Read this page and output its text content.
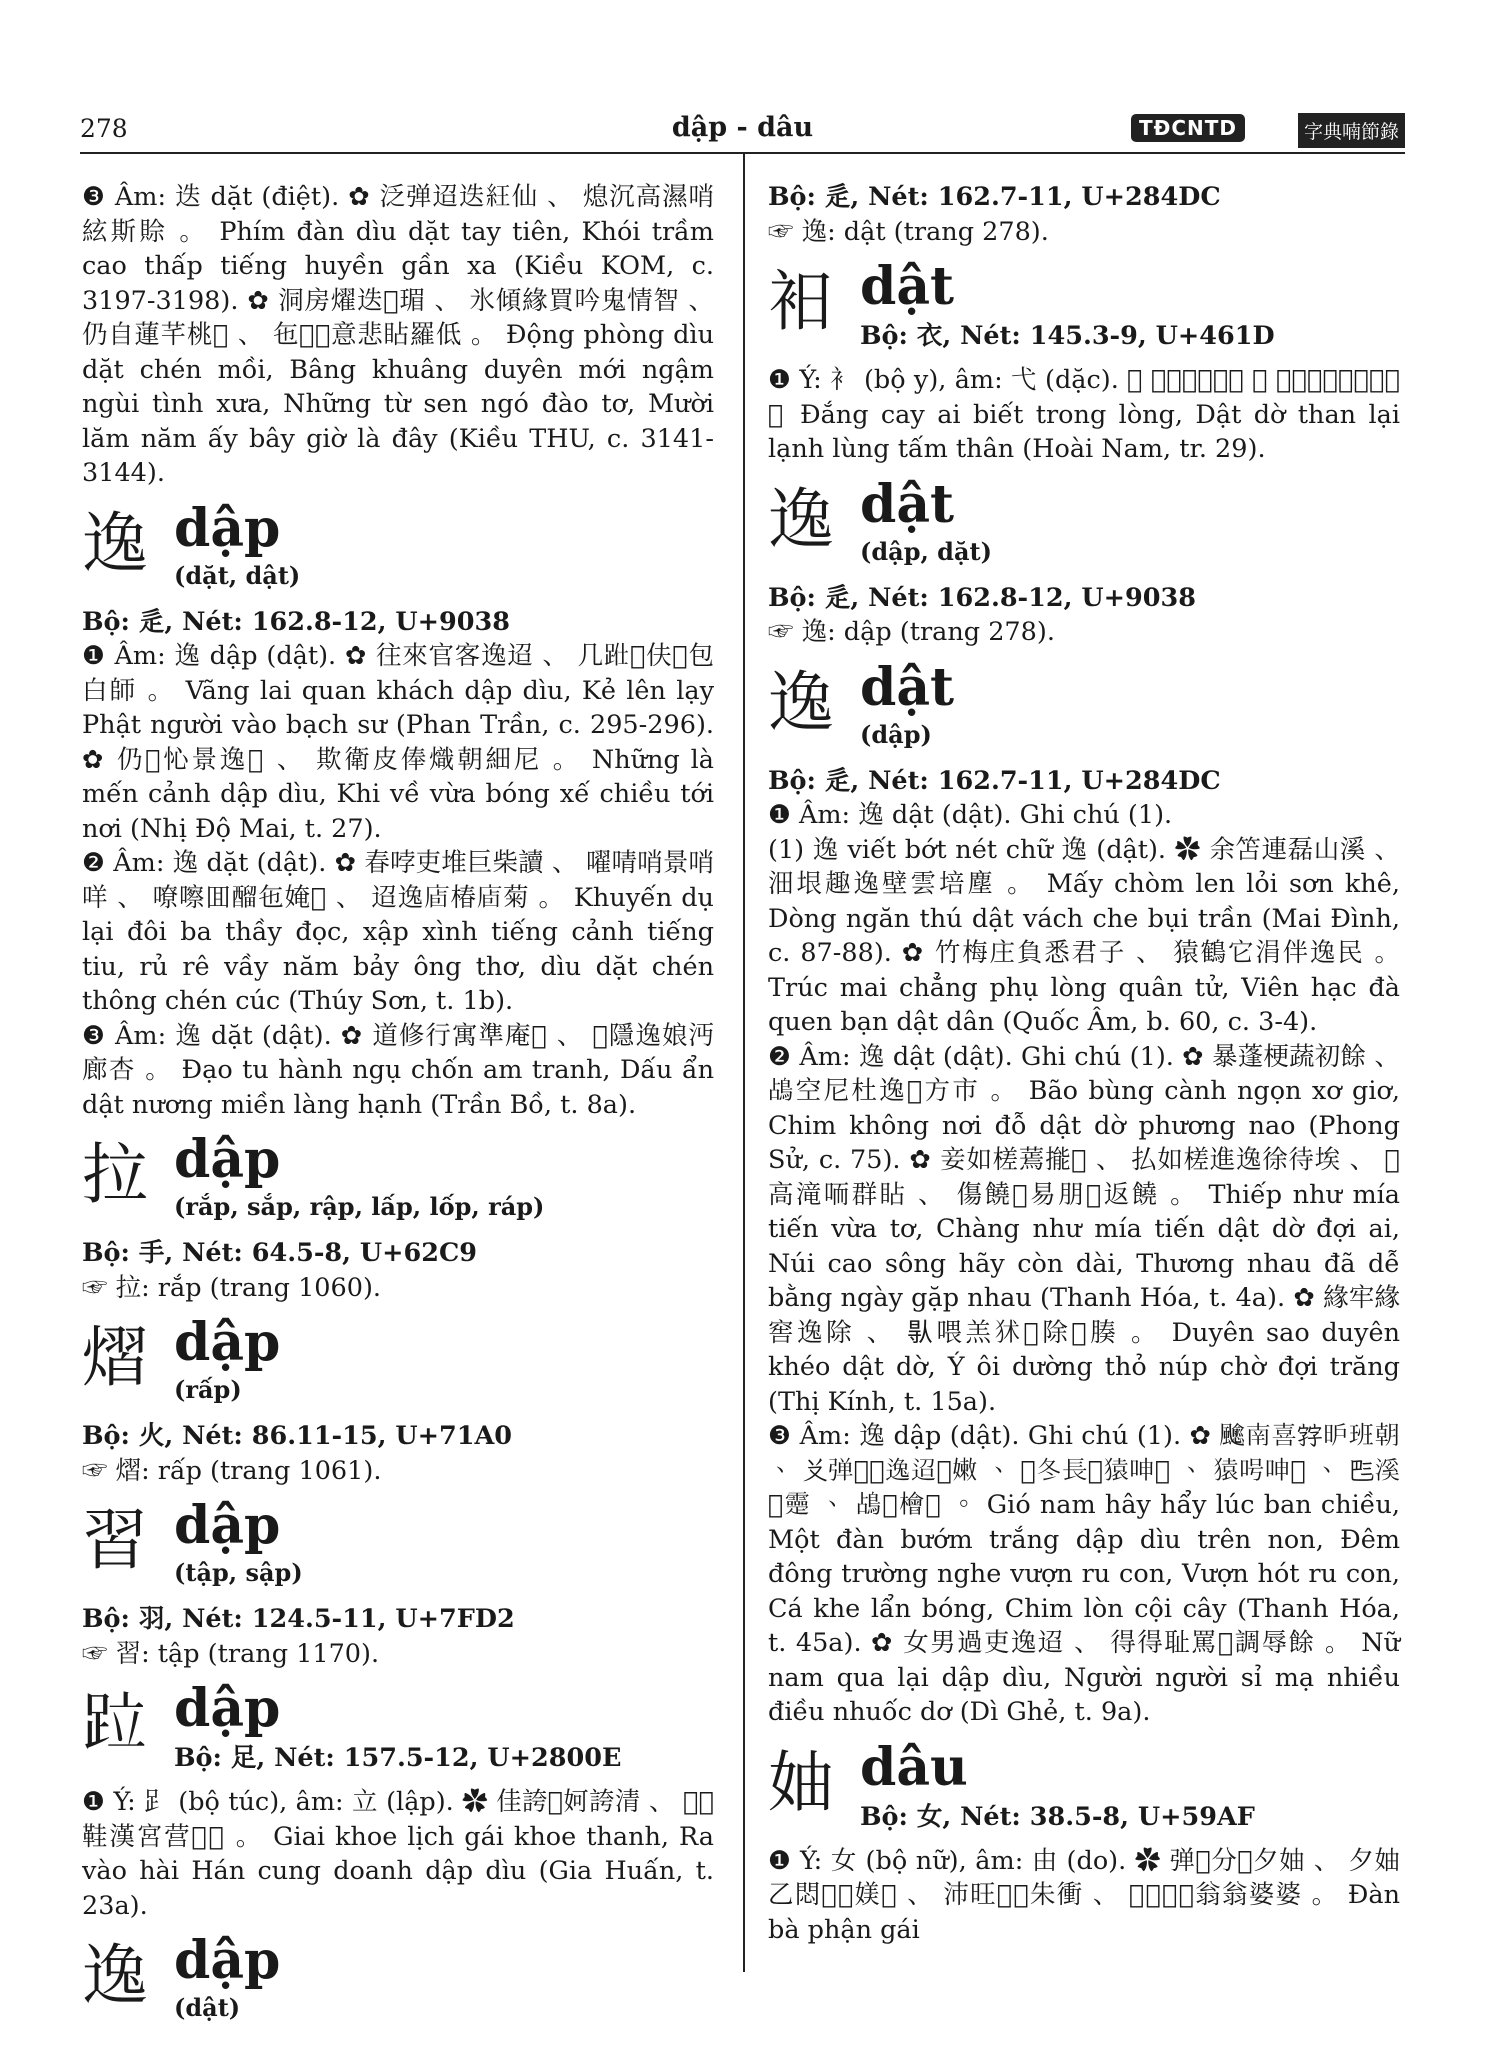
278	dập - dâu	TĐCNTD	字典喃節錄

❸ Âm: 迭 dặt (điệt). ✿ 泛弹迢迭𥿁仙 、 熄沉高濕哨絃斯賒 。 Phím đàn dìu dặt tay tiên, Khói trầm cao thấp tiếng huyền gần xa (Kiều KOM, c. 3197-3198). ✿ 洞房燿迭𥷋瑂 、 氷傾緣買吟鬼情智 、 仍自蓮芊桃𦀊 、 㐌𢆥𢆥意悲䀡羅低 。 Động phòng dìu dặt chén mồi, Bâng khuâng duyên mới ngậm ngùi tình xưa, Những từ sen ngó đào tơ, Mười lăm năm ấy bây giờ là đây (Kiều THU, c. 3141-3144).

逸 dập
(dặt, dật)

Bộ: 辵, Nét: 162.8-12, U+9038

❶ Âm: 逸 dập (dật). ✿ 往來官客逸迢 、 几𨀋𨀈伕𨁪包白師 。 Vãng lai quan khách dập dìu, Kẻ lên lạy Phật người vào bạch sư (Phan Trần, c. 295-296). ✿ 仍𧡊㤈景逸𢽼 、 欺衛皮俸熾朝細尼 。 Những là mến cảnh dập dìu, Khi về vừa bóng xế chiều tới nơi (Nhị Độ Mai, t. 27).

❷ Âm: 逸 dặt (dật). ✿ 春哱吏堆巨柴讀 、 嚁啨哨景哨咩 、 嘹嚓囬𨢇㐌㛪𨁪 、 迢逸𢈞椿𢈞菊 。 Khuyến dụ lại đôi ba thầy đọc, xập xình tiếng cảnh tiếng tiu, rủ rê vầy năm bảy ông thơ, dìu dặt chén thông chén cúc (Thúy Sơn, t. 1b).

❸ Âm: 逸 dặt (dật). ✿ 道修行寓準庵𦲴 、 𨁪隱逸娘沔廊杏 。 Đạo tu hành ngụ chốn am tranh, Dấu ẩn dật nương miền làng hạnh (Trần Bồ, t. 8a).

拉 dập
(rắp, sắp, rập, lấp, lốp, ráp)

Bộ: 手, Nét: 64.5-8, U+62C9

☞ 拉: rắp (trang 1060).

熠 dập
(rấp)

Bộ: 火, Nét: 86.11-15, U+71A0

☞ 熠: rấp (trang 1061).

習 dập
(tập, sập)

Bộ: 羽, Nét: 124.5-11, U+7FD2

☞ 習: tập (trang 1170).

𨀎 dập
Bộ: 足, Nét: 157.5-12, U+2800E

❶ Ý: 𧾷 (bộ túc), âm: 立 (lập). ✿ 佳誇𤯩妸誇清 、 𦠘𠫾鞋漢宮营𨀎𨇜 。 Giai khoe lịch gái khoe thanh, Ra vào hài Hán cung doanh dập dìu (Gia Huấn, t. 23a).

逸 dập
(dật)

Bộ: 辵, Nét: 162.7-11, U+284DC

☞ 逸: dật (trang 278).

衵 dật
Bộ: 衣, Nét: 145.3-9, U+461D

❶ Ý: 衤 (bộ y), âm: 弋 (dặc). ✿ 𦹵芵埃别冲悉 、 衵褄嘆吏冷𣿼𠃩身 。 Đắng cay ai biết trong lòng, Dật dờ than lại lạnh lùng tấm thân (Hoài Nam, tr. 29).

逸 dật
(dập, dặt)

Bộ: 辵, Nét: 162.8-12, U+9038

☞ 逸: dập (trang 278).

逸 dật
(dập)

Bộ: 辵, Nét: 162.7-11, U+284DC

❶ Âm: 逸 dật (dật). Ghi chú (1).

(1) 逸 viết bớt nét chữ 逸 (dật). ✿ 余笘連磊山溪 、 沺垠趣逸壁雲培塵 。 Mấy chòm len lỏi sơn khê, Dòng ngăn thú dật vách che bụi trần (Mai Đình, c. 87-88). ✿ 竹梅庄負悉君子 、 猿鶴它涓伴逸民 。 Trúc mai chẳng phụ lòng quân tử, Viên hạc đà quen bạn dật dân (Quốc Âm, b. 60, c. 3-4).

❷ Âm: 逸 dật (dật). Ghi chú (1). ✿ 暴蓬梗蔬初餘 、 𪀄空尼杜逸𡮈方市 。 Bão bùng cành ngọn xơ giơ, Chim không nơi đỗ dật dờ phương nao (Phong Sử, c. 75). ✿ 妾如槎蔫㨢𦀊 、 払如槎進逸徐待埃 、 𡶀高滝㖇群䀡 、 傷饒𠀧易朋𨀈返饒 。 Thiếp như mía tiến vừa tơ, Chàng như mía tiến dật dờ đợi ai, Núi cao sông hãy còn dài, Thương nhau đã dễ bằng ngày gặp nhau (Thanh Hóa, t. 4a). ✿ 緣牢緣窖逸除 、 𠊛喂羔𤝞𥉩除𣅶腠 。 Duyên sao duyên khéo dật dờ, Ý ôi dường thỏ núp chờ đợi trăng (Thị Kính, t. 15a).

❸ Âm: 逸 dập (dật). Ghi chú (1). ✿ 𩙍南喜𡦂昈班朝 、 𠬠弹𧋆𡋂逸迢𨖅嫩 、 𦝄冬長𦖑猿呻𢴑 、 猿呺呻𢴑 、 𠀧溪𡗶𤴤 、 𪀄𦹳檜𣘃 。 Gió nam hây hẩy lúc ban chiều, Một đàn bướm trắng dập dìu trên non, Đêm đông trường nghe vượn ru con, Vượn hót ru con, Cá khe lẩn bóng, Chim lòn cội cây (Thanh Hóa, t. 45a). ✿ 女男過吏逸迢 、 得得耻罵𡗉調辱餘 。 Nữ nam qua lại dập dìu, Người người sỉ mạ nhiều điều nhuốc dơ (Dì Ghẻ, t. 9a).

妯 dâu
Bộ: 女, Nét: 38.5-8, U+59AF

❶ Ý: 女 (bộ nữ), âm: 由 (do). ✿ 弹𡛔分𡛔夕妯 、 夕妯乙悶𣘃𡢹媄𢬣 、 沛旺𨁮𡠣朱衝 、 𨁮𡢹𨁮𡏦翁翁婆婆 。 Đàn bà phận gái
